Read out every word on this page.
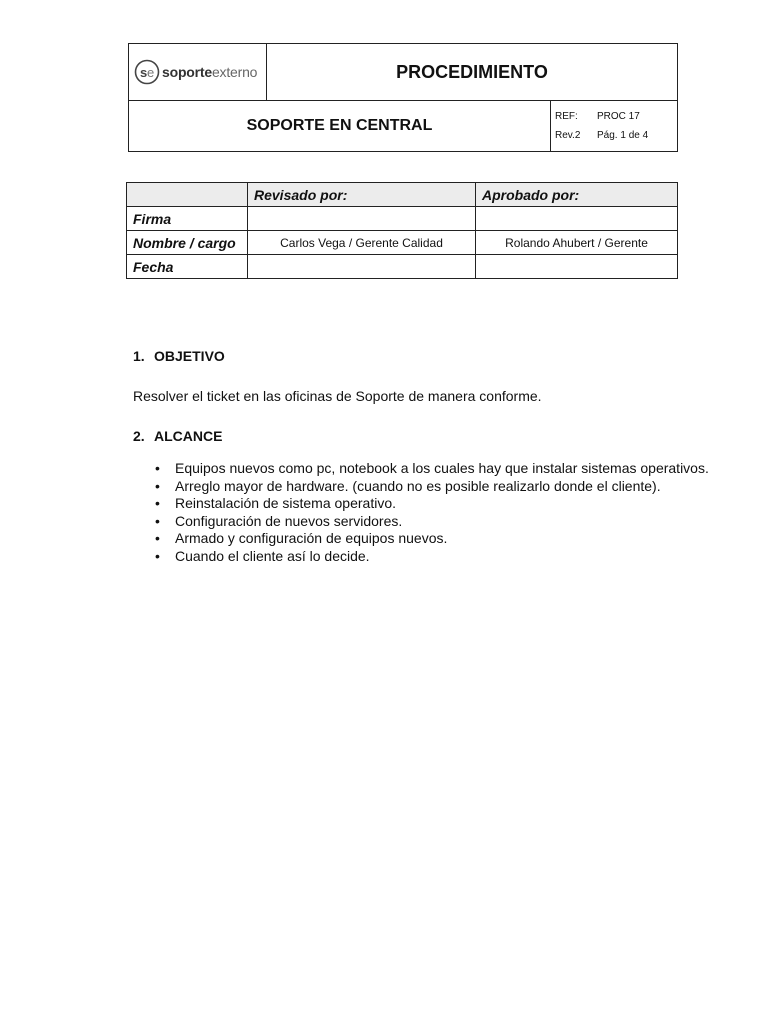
s e soporteexterno	PROCEDIMIENTO	
SOPORTE EN CENTRAL		REF: PROC 17
Rev.2 Pág. 1 de 4
	Revisado por:	Aprobado por:
Firma		
Nombre / cargo	Carlos Vega / Gerente Calidad	Rolando Ahubert / Gerente
Fecha		
1. OBJETIVO
Resolver el ticket en las oficinas de Soporte de manera conforme.
2. ALCANCE
• Equipos nuevos como pc, notebook a los cuales hay que instalar sistemas operativos.
• Arreglo mayor de hardware. (cuando no es posible realizarlo donde el cliente).
• Reinstalación de sistema operativo.
• Configuración de nuevos servidores.
• Armado y configuración de equipos nuevos.
• Cuando el cliente así lo decide.
